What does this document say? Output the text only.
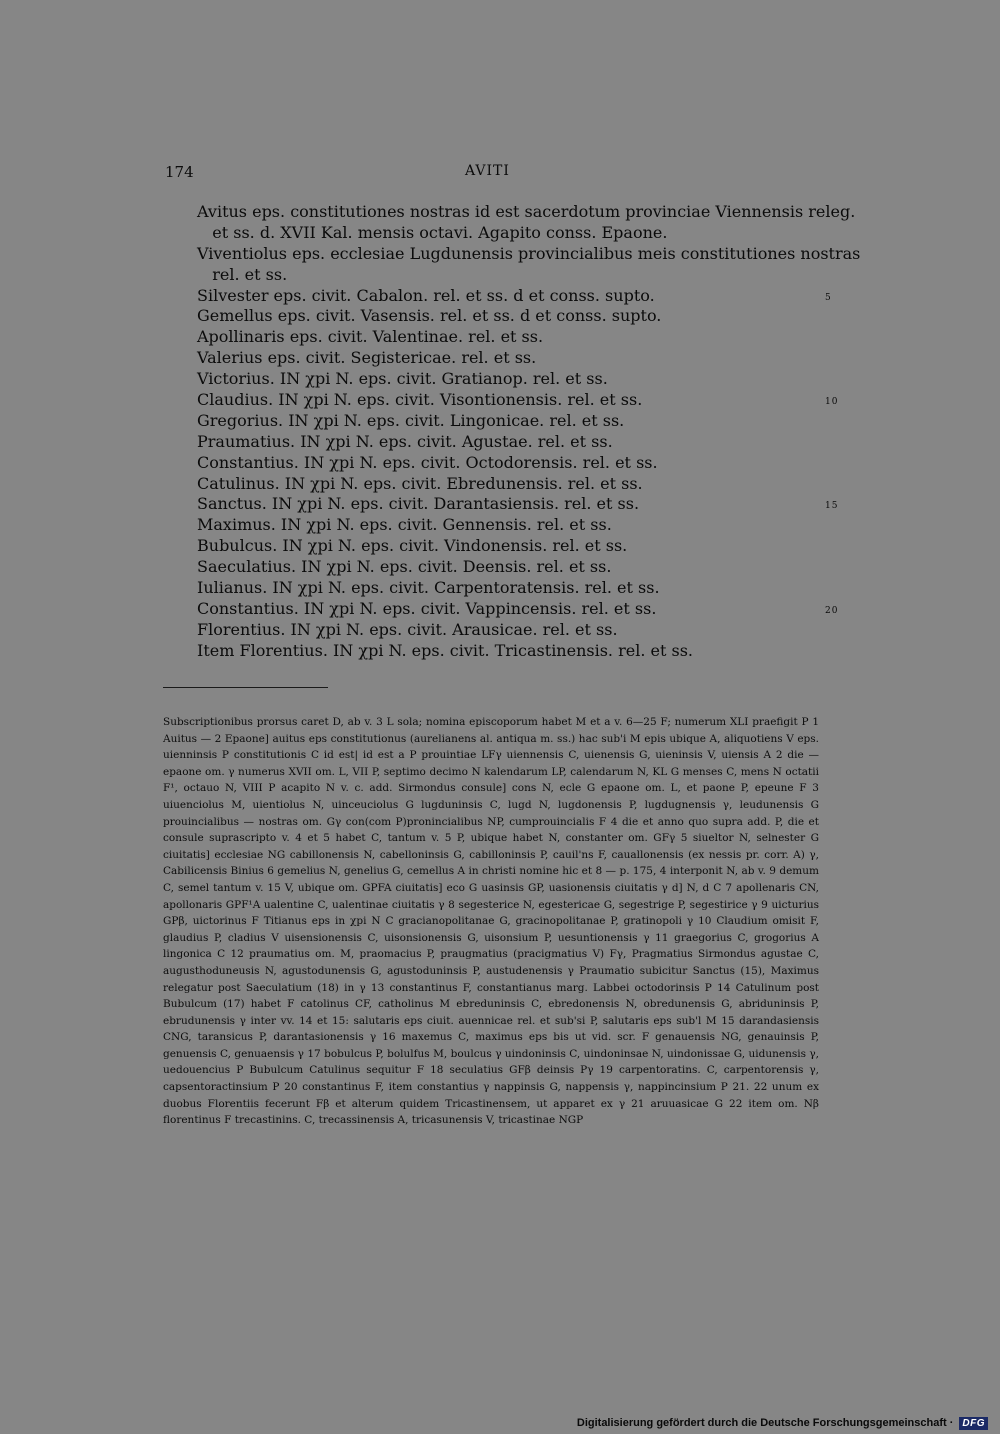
174	AVITI
Avitus eps. constitutiones nostras id est sacerdotum provinciae Viennensis releg.
et ss. d. XVII Kal. mensis octavi. Agapito conss. Epaone.
Viventiolus eps. ecclesiae Lugdunensis provincialibus meis constitutiones nostras
rel. et ss.
Silvester eps. civit. Cabalon. rel. et ss. d et conss. supto.	5
Gemellus eps. civit. Vasensis. rel. et ss. d et conss. supto.
Apollinaris eps. civit. Valentinae. rel. et ss.
Valerius eps. civit. Segistericae. rel. et ss.
Victorius. IN χpi N. eps. civit. Gratianop. rel. et ss.
Claudius. IN χpi N. eps. civit. Visontionensis. rel. et ss.	10
Gregorius. IN χpi N. eps. civit. Lingonicae. rel. et ss.
Praumatius. IN χpi N. eps. civit. Agustae. rel. et ss.
Constantius. IN χpi N. eps. civit. Octodorensis. rel. et ss.
Catulinus. IN χpi N. eps. civit. Ebredunensis. rel. et ss.
Sanctus. IN χpi N. eps. civit. Darantasiensis. rel. et ss.	15
Maximus. IN χpi N. eps. civit. Gennensis. rel. et ss.
Bubulcus. IN χpi N. eps. civit. Vindonensis. rel. et ss.
Saeculatius. IN χpi N. eps. civit. Deensis. rel. et ss.
Iulianus. IN χpi N. eps. civit. Carpentoratensis. rel. et ss.
Constantius. IN χpi N. eps. civit. Vappincensis. rel. et ss.	20
Florentius. IN χpi N. eps. civit. Arausicae. rel. et ss.
Item Florentius. IN χpi N. eps. civit. Tricastinensis. rel. et ss.

Subscriptionibus prorsus caret D, ab v. 3 L sola; nomina episcoporum habet M et a v. 6—25 F; numerum XLI praefigit P 1 Auitus — 2 Epaone] auitus eps constitutionus (aurelianens al. antiqua m. ss.) hac sub'i M epis ubique A, aliquotiens V eps. uienninsis P constitutionis C id est| id est a P prouintiae LFγ uiennensis C, uienensis G, uieninsis V, uiensis A 2 die — epaone om. γ numerus XVII om. L, VII P, septimo decimo N kalendarum LP, calendarum N, KL G menses C, mens N octatii F¹, octauo N, VIII P acapito N v. c. add. Sirmondus consule] cons N, ecle G epaone om. L, et paone P, epeune F 3 uiuenciolus M, uientiolus N, uinceuciolus G lugduninsis C, lugd N, lugdonensis P, lugdugnensis γ, leudunensis G prouincialibus — nostras om. Gγ con(com P)pronincialibus NP, cumprouincialis F 4 die et anno quo supra add. P, die et consule suprascripto v. 4 et 5 habet C, tantum v. 5 P, ubique habet N, constanter om. GFγ 5 siueltor N, selnester G ciuitatis] ecclesiae NG cabillonensis N, cabelloninsis G, cabilloninsis P, cauil'ns F, cauallonensis (ex nessis pr. corr. A) γ, Cabilicensis Binius 6 gemelius N, genelius G, cemellus A in christi nomine hic et 8 — p. 175, 4 interponit N, ab v. 9 demum C, semel tantum v. 15 V, ubique om. GPFA ciuitatis] eco G uasinsis GP, uasionensis ciuitatis γ d] N, d C 7 apollenaris CN, apollonaris GPF¹A ualentine C, ualentinae ciuitatis γ 8 segesterice N, egestericae G, segestrige P, segestirice γ 9 uicturius GPβ, uictorinus F Titianus eps in χpi N C gracianopolitanae G, gracinopolitanae P, gratinopoli γ 10 Claudium omisit F, glaudius P, cladius V uisensionensis C, uisonsionensis G, uisonsium P, uesuntionensis γ 11 graegorius C, grogorius A lingonica C 12 praumatius om. M, praomacius P, praugmatius (pracigmatius V) Fγ, Pragmatius Sirmondus agustae C, augusthoduneusis N, agustodunensis G, agustoduninsis P, austudenensis γ Praumatio subicitur Sanctus (15), Maximus relegatur post Saeculatium (18) in γ 13 constantinus F, constantianus marg. Labbei octodorinsis P 14 Catulinum post Bubulcum (17) habet F catolinus CF, catholinus M ebreduninsis C, ebredonensis N, obredunensis G, abriduninsis P, ebrudunensis γ inter vv. 14 et 15: salutaris eps ciuit. auennicae rel. et sub'si P, salutaris eps sub'l M 15 darandasiensis CNG, taransicus P, darantasionensis γ 16 maxemus C, maximus eps bis ut vid. scr. F genauensis NG, genauinsis P, genuensis C, genuaensis γ 17 bobulcus P, bolulfus M, boulcus γ uindoninsis C, uindoninsae N, uindonissae G, uidunensis γ, uedouencius P Bubulcum Catulinus sequitur F 18 seculatius GFβ deinsis Pγ 19 carpentoratins. C, carpentorensis γ, capsentoractinsium P 20 constantinus F, item constantius γ nappinsis G, nappensis γ, nappincinsium P 21. 22 unum ex duobus Florentiis fecerunt Fβ et alterum quidem Tricastinensem, ut apparet ex γ 21 aruuasicae G 22 item om. Nβ florentinus F trecastinins. C, trecassinensis A, tricasunensis V, tricastinae NGP

Digitalisierung gefördert durch die Deutsche Forschungsgemeinschaft · DFG
